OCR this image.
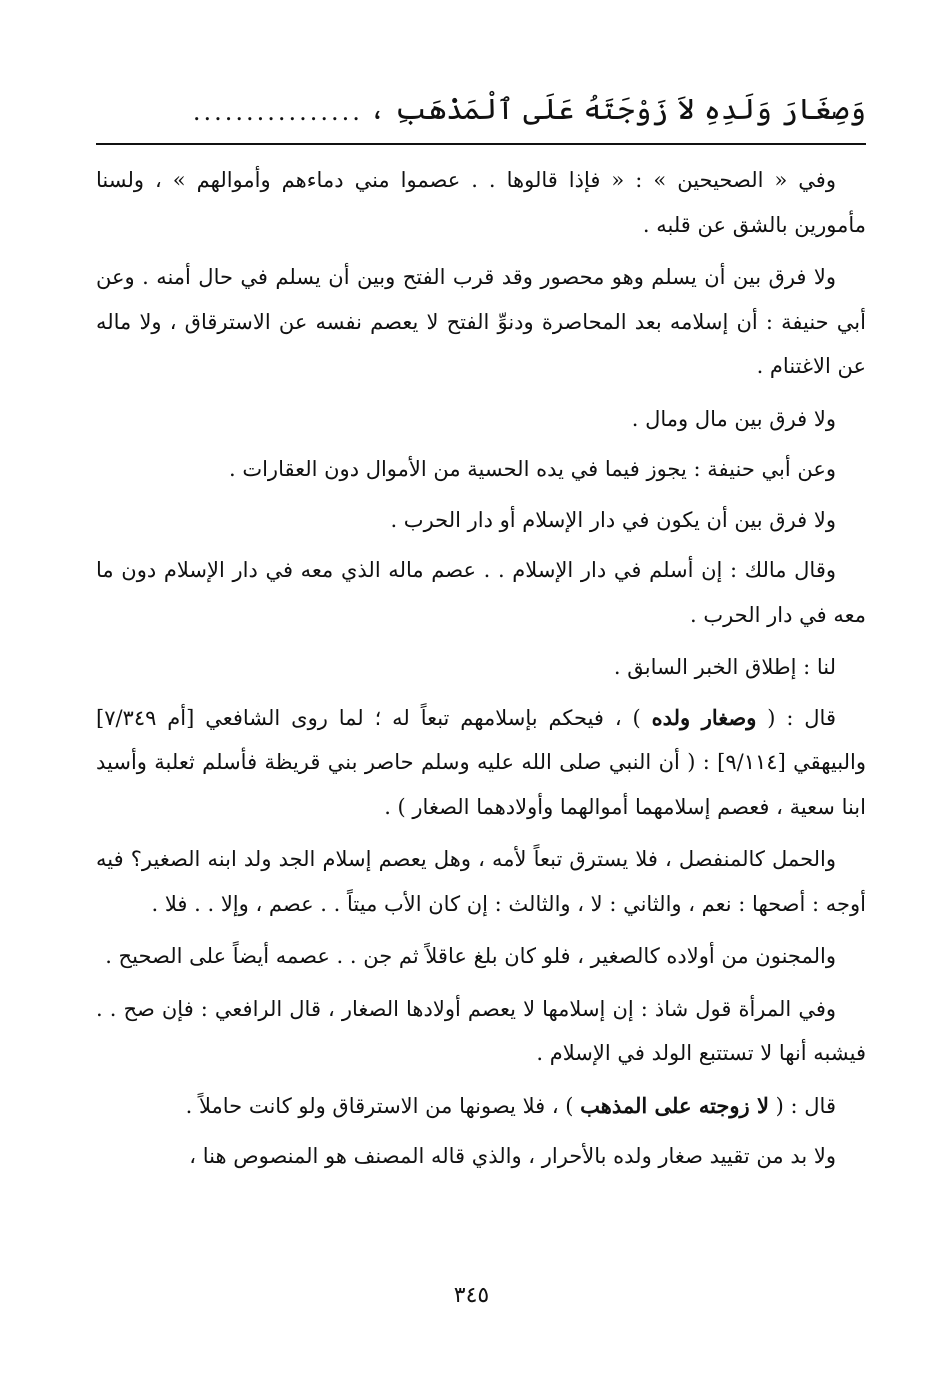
وَصِغَارَ وَلَدِهِ لاَ زَوْجَتَهُ عَلَى ٱلْمَذْهَبِ ،
................

وفي « الصحيحين » : « فإذا قالوها . . عصموا مني دماءهم وأموالهم » ، ولسنا مأمورين بالشق عن قلبه .

ولا فرق بين أن يسلم وهو محصور وقد قرب الفتح وبين أن يسلم في حال أمنه . وعن أبي حنيفة : أن إسلامه بعد المحاصرة ودنوِّ الفتح لا يعصم نفسه عن الاسترقاق ، ولا ماله عن الاغتنام .

ولا فرق بين مال ومال .

وعن أبي حنيفة : يجوز فيما في يده الحسية من الأموال دون العقارات .

ولا فرق بين أن يكون في دار الإسلام أو دار الحرب .

وقال مالك : إن أسلم في دار الإسلام . . عصم ماله الذي معه في دار الإسلام دون ما معه في دار الحرب .

لنا : إطلاق الخبر السابق .

قال : ( وصغار ولده ) ، فيحكم بإسلامهم تبعاً له ؛ لما روى الشافعي [أم ٧/٣٤٩] والبيهقي [٩/١١٤] : ( أن النبي صلى الله عليه وسلم حاصر بني قريظة فأسلم ثعلبة وأسيد ابنا سعية ، فعصم إسلامهما أموالهما وأولادهما الصغار ) .

والحمل كالمنفصل ، فلا يسترق تبعاً لأمه ، وهل يعصم إسلام الجد ولد ابنه الصغير؟ فيه أوجه : أصحها : نعم ، والثاني : لا ، والثالث : إن كان الأب ميتاً . . عصم ، وإلا . . فلا .

والمجنون من أولاده كالصغير ، فلو كان بلغ عاقلاً ثم جن . . عصمه أيضاً على الصحيح .

وفي المرأة قول شاذ : إن إسلامها لا يعصم أولادها الصغار ، قال الرافعي : فإن صح . . فيشبه أنها لا تستتبع الولد في الإسلام .

قال : ( لا زوجته على المذهب ) ، فلا يصونها من الاسترقاق ولو كانت حاملاً .

ولا بد من تقييد صغار ولده بالأحرار ، والذي قاله المصنف هو المنصوص هنا ،

٣٤٥
